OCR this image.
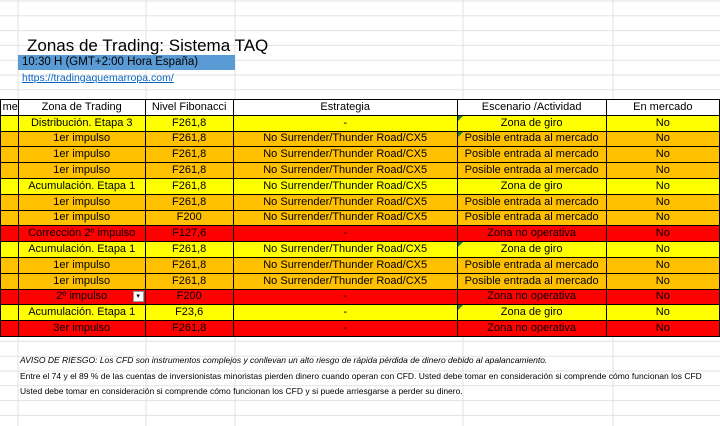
Zonas de Trading: Sistema TAQ
10:30 H (GMT+2:00 Hora España)
https://tradingaquemarropa.com/
me	Zona de Trading	Nivel Fibonacci	Estrategia	Escenario /Actividad	En mercado
	Distribución. Etapa 3	F261,8	-	Zona de giro	No
	1er impulso	F261,8	No Surrender/Thunder Road/CX5	Posible entrada al mercado	No
	1er impulso	F261,8	No Surrender/Thunder Road/CX5	Posible entrada al mercado	No
	1er impulso	F261,8	No Surrender/Thunder Road/CX5	Posible entrada al mercado	No
	Acumulación. Etapa 1	F261,8	No Surrender/Thunder Road/CX5	Zona de giro	No
	1er impulso	F261,8	No Surrender/Thunder Road/CX5	Posible entrada al mercado	No
	1er impulso	F200	No Surrender/Thunder Road/CX5	Posible entrada al mercado	No
	Corrección 2º impulso	F127,6	-	Zona no operativa	No
	Acumulación. Etapa 1	F261,8	No Surrender/Thunder Road/CX5	Zona de giro	No
	1er impulso	F261,8	No Surrender/Thunder Road/CX5	Posible entrada al mercado	No
	1er impulso	F261,8	No Surrender/Thunder Road/CX5	Posible entrada al mercado	No
	2º impulso ▾	F200	-	Zona no operativa	No
	Acumulación. Etapa 1	F23,6	-	Zona de giro	No
	3er impulso	F261,8	-	Zona no operativa	No
AVISO DE RIESGO: Los CFD son instrumentos complejos y conllevan un alto riesgo de rápida pérdida de dinero debido al apalancamiento.
Entre el 74 y el 89 % de las cuentas de inversionistas minoristas pierden dinero cuando operan con CFD. Usted debe tomar en consideración si comprende cómo funcionan los CFD
Usted debe tomar en consideración si comprende cómo funcionan los CFD y si puede arriesgarse a perder su dinero.
